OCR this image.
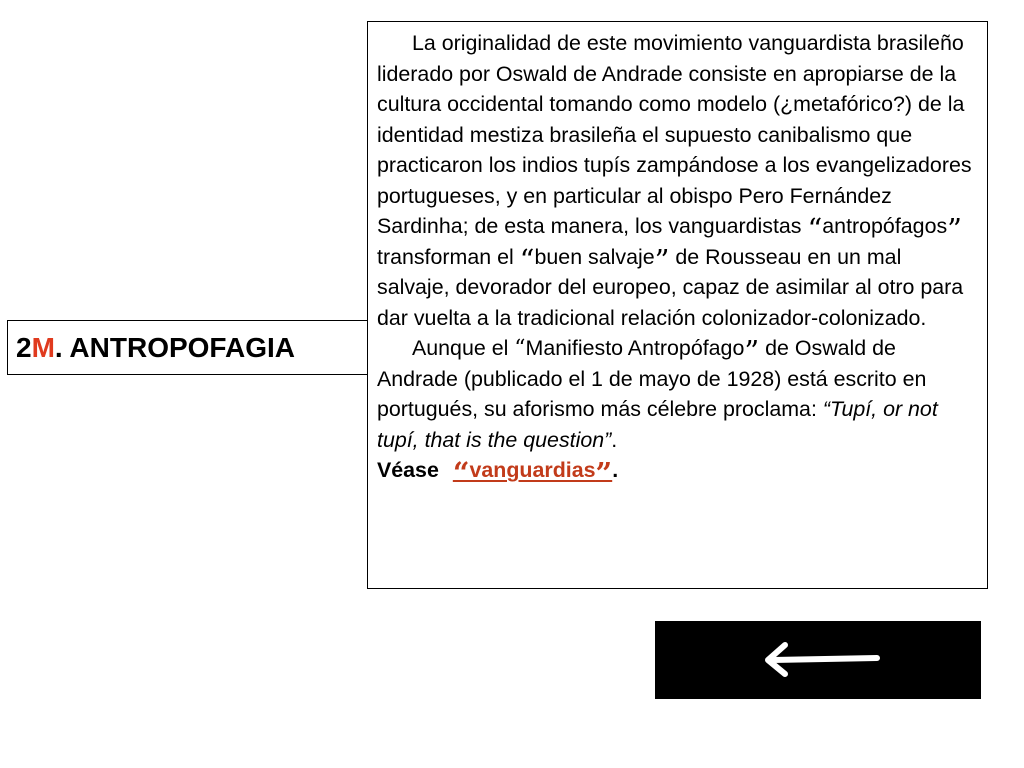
2 M . ANTROPOFAGIA

La originalidad de este movimiento vanguardista brasileño liderado por Oswald de Andrade consiste en apropiarse de la cultura occidental tomando como modelo (¿metafórico?) de la identidad mestiza brasileña el supuesto canibalismo que practicaron los indios tupís zampándose a los evangelizadores portugueses, y en particular al obispo Pero Fernández Sardinha; de esta manera, los vanguardistas “antropófagos” transforman el “buen salvaje” de Rousseau en un mal salvaje, devorador del europeo, capaz de asimilar al otro para dar vuelta a la tradicional relación colonizador-colonizado.

Aunque el “Manifiesto Antropófago” de Oswald de Andrade (publicado el 1 de mayo de 1928) está escrito en portugués, su aforismo más célebre proclama: “Tupí, or not tupí, that is the question”.

Véase “vanguardias”.
